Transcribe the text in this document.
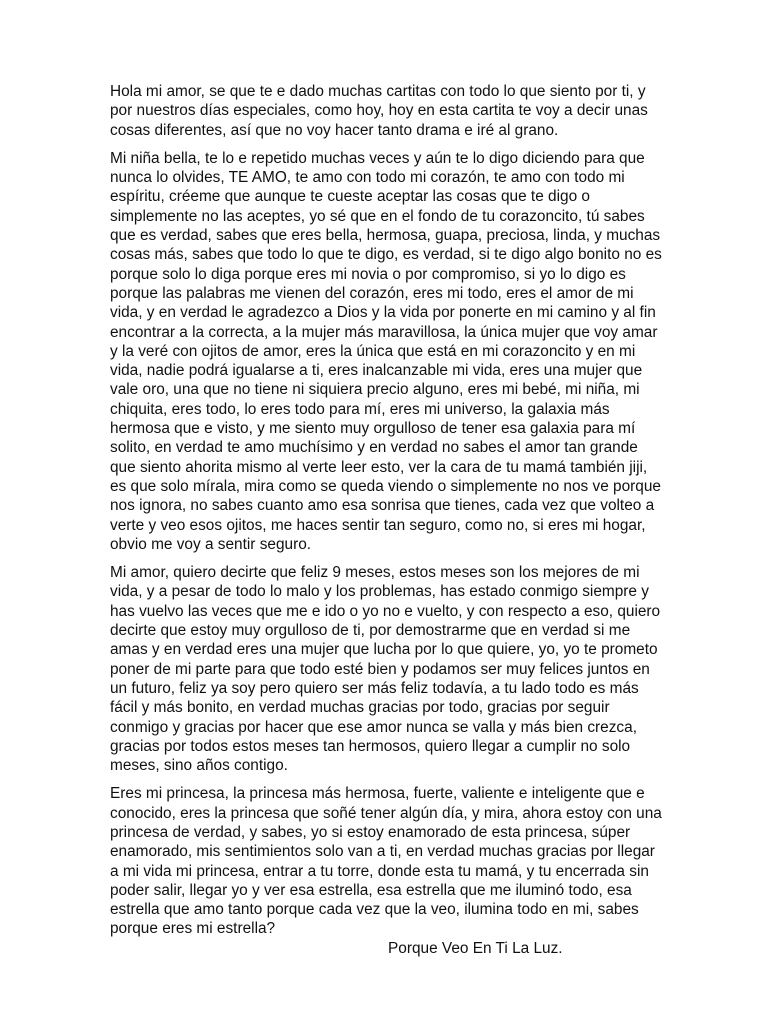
Hola mi amor, se que te e dado muchas cartitas con todo lo que siento por ti, y por nuestros días especiales, como hoy, hoy en esta cartita te voy a decir unas cosas diferentes, así que no voy hacer tanto drama e iré al grano.

Mi niña bella, te lo e repetido muchas veces y aún te lo digo diciendo para que nunca lo olvides, TE AMO, te amo con todo mi corazón, te amo con todo mi espíritu, créeme que aunque te cueste aceptar las cosas que te digo o simplemente no las aceptes, yo sé que en el fondo de tu corazoncito, tú sabes que es verdad, sabes que eres bella, hermosa, guapa, preciosa, linda, y muchas cosas más, sabes que todo lo que te digo, es verdad, si te digo algo bonito no es porque solo lo diga porque eres mi novia o por compromiso, si yo lo digo es porque las palabras me vienen del corazón, eres mi todo, eres el amor de mi vida, y en verdad le agradezco a Dios y la vida por ponerte en mi camino y al fin encontrar a la correcta, a la mujer más maravillosa, la única mujer que voy amar y la veré con ojitos de amor, eres la única que está en mi corazoncito y en mi vida, nadie podrá igualarse a ti, eres inalcanzable mi vida, eres una mujer que vale oro, una que no tiene ni siquiera precio alguno, eres mi bebé, mi niña, mi chiquita, eres todo, lo eres todo para mí, eres mi universo, la galaxia más hermosa que e visto, y me siento muy orgulloso de tener esa galaxia para mí solito, en verdad te amo muchísimo y en verdad no sabes el amor tan grande que siento ahorita mismo al verte leer esto, ver la cara de tu mamá también jiji, es que solo mírala, mira como se queda viendo o simplemente no nos ve porque nos ignora, no sabes cuanto amo esa sonrisa que tienes, cada vez que volteo a verte y veo esos ojitos, me haces sentir tan seguro, como no, si eres mi hogar, obvio me voy a sentir seguro.

Mi amor, quiero decirte que feliz 9 meses, estos meses son los mejores de mi vida, y a pesar de todo lo malo y los problemas, has estado conmigo siempre y has vuelvo las veces que me e ido o yo no e vuelto, y con respecto a eso, quiero decirte que estoy muy orgulloso de ti, por demostrarme que en verdad si me amas y en verdad eres una mujer que lucha por lo que quiere, yo, yo te prometo poner de mi parte para que todo esté bien y podamos ser muy felices juntos en un futuro, feliz ya soy pero quiero ser más feliz todavía, a tu lado todo es más fácil y más bonito, en verdad muchas gracias por todo, gracias por seguir conmigo y gracias por hacer que ese amor nunca se valla y más bien crezca, gracias por todos estos meses tan hermosos, quiero llegar a cumplir no solo meses, sino años contigo.

Eres mi princesa, la princesa más hermosa, fuerte, valiente e inteligente que e conocido, eres la princesa que soñé tener algún día, y mira, ahora estoy con una princesa de verdad, y sabes, yo si estoy enamorado de esta princesa, súper enamorado, mis sentimientos solo van a ti, en verdad muchas gracias por llegar a mi vida mi princesa, entrar a tu torre, donde esta tu mamá, y tu encerrada sin poder salir, llegar yo y ver esa estrella, esa estrella que me iluminó todo, esa estrella que amo tanto porque cada vez que la veo, ilumina todo en mi, sabes porque eres mi estrella?

Porque Veo En Ti La Luz.
